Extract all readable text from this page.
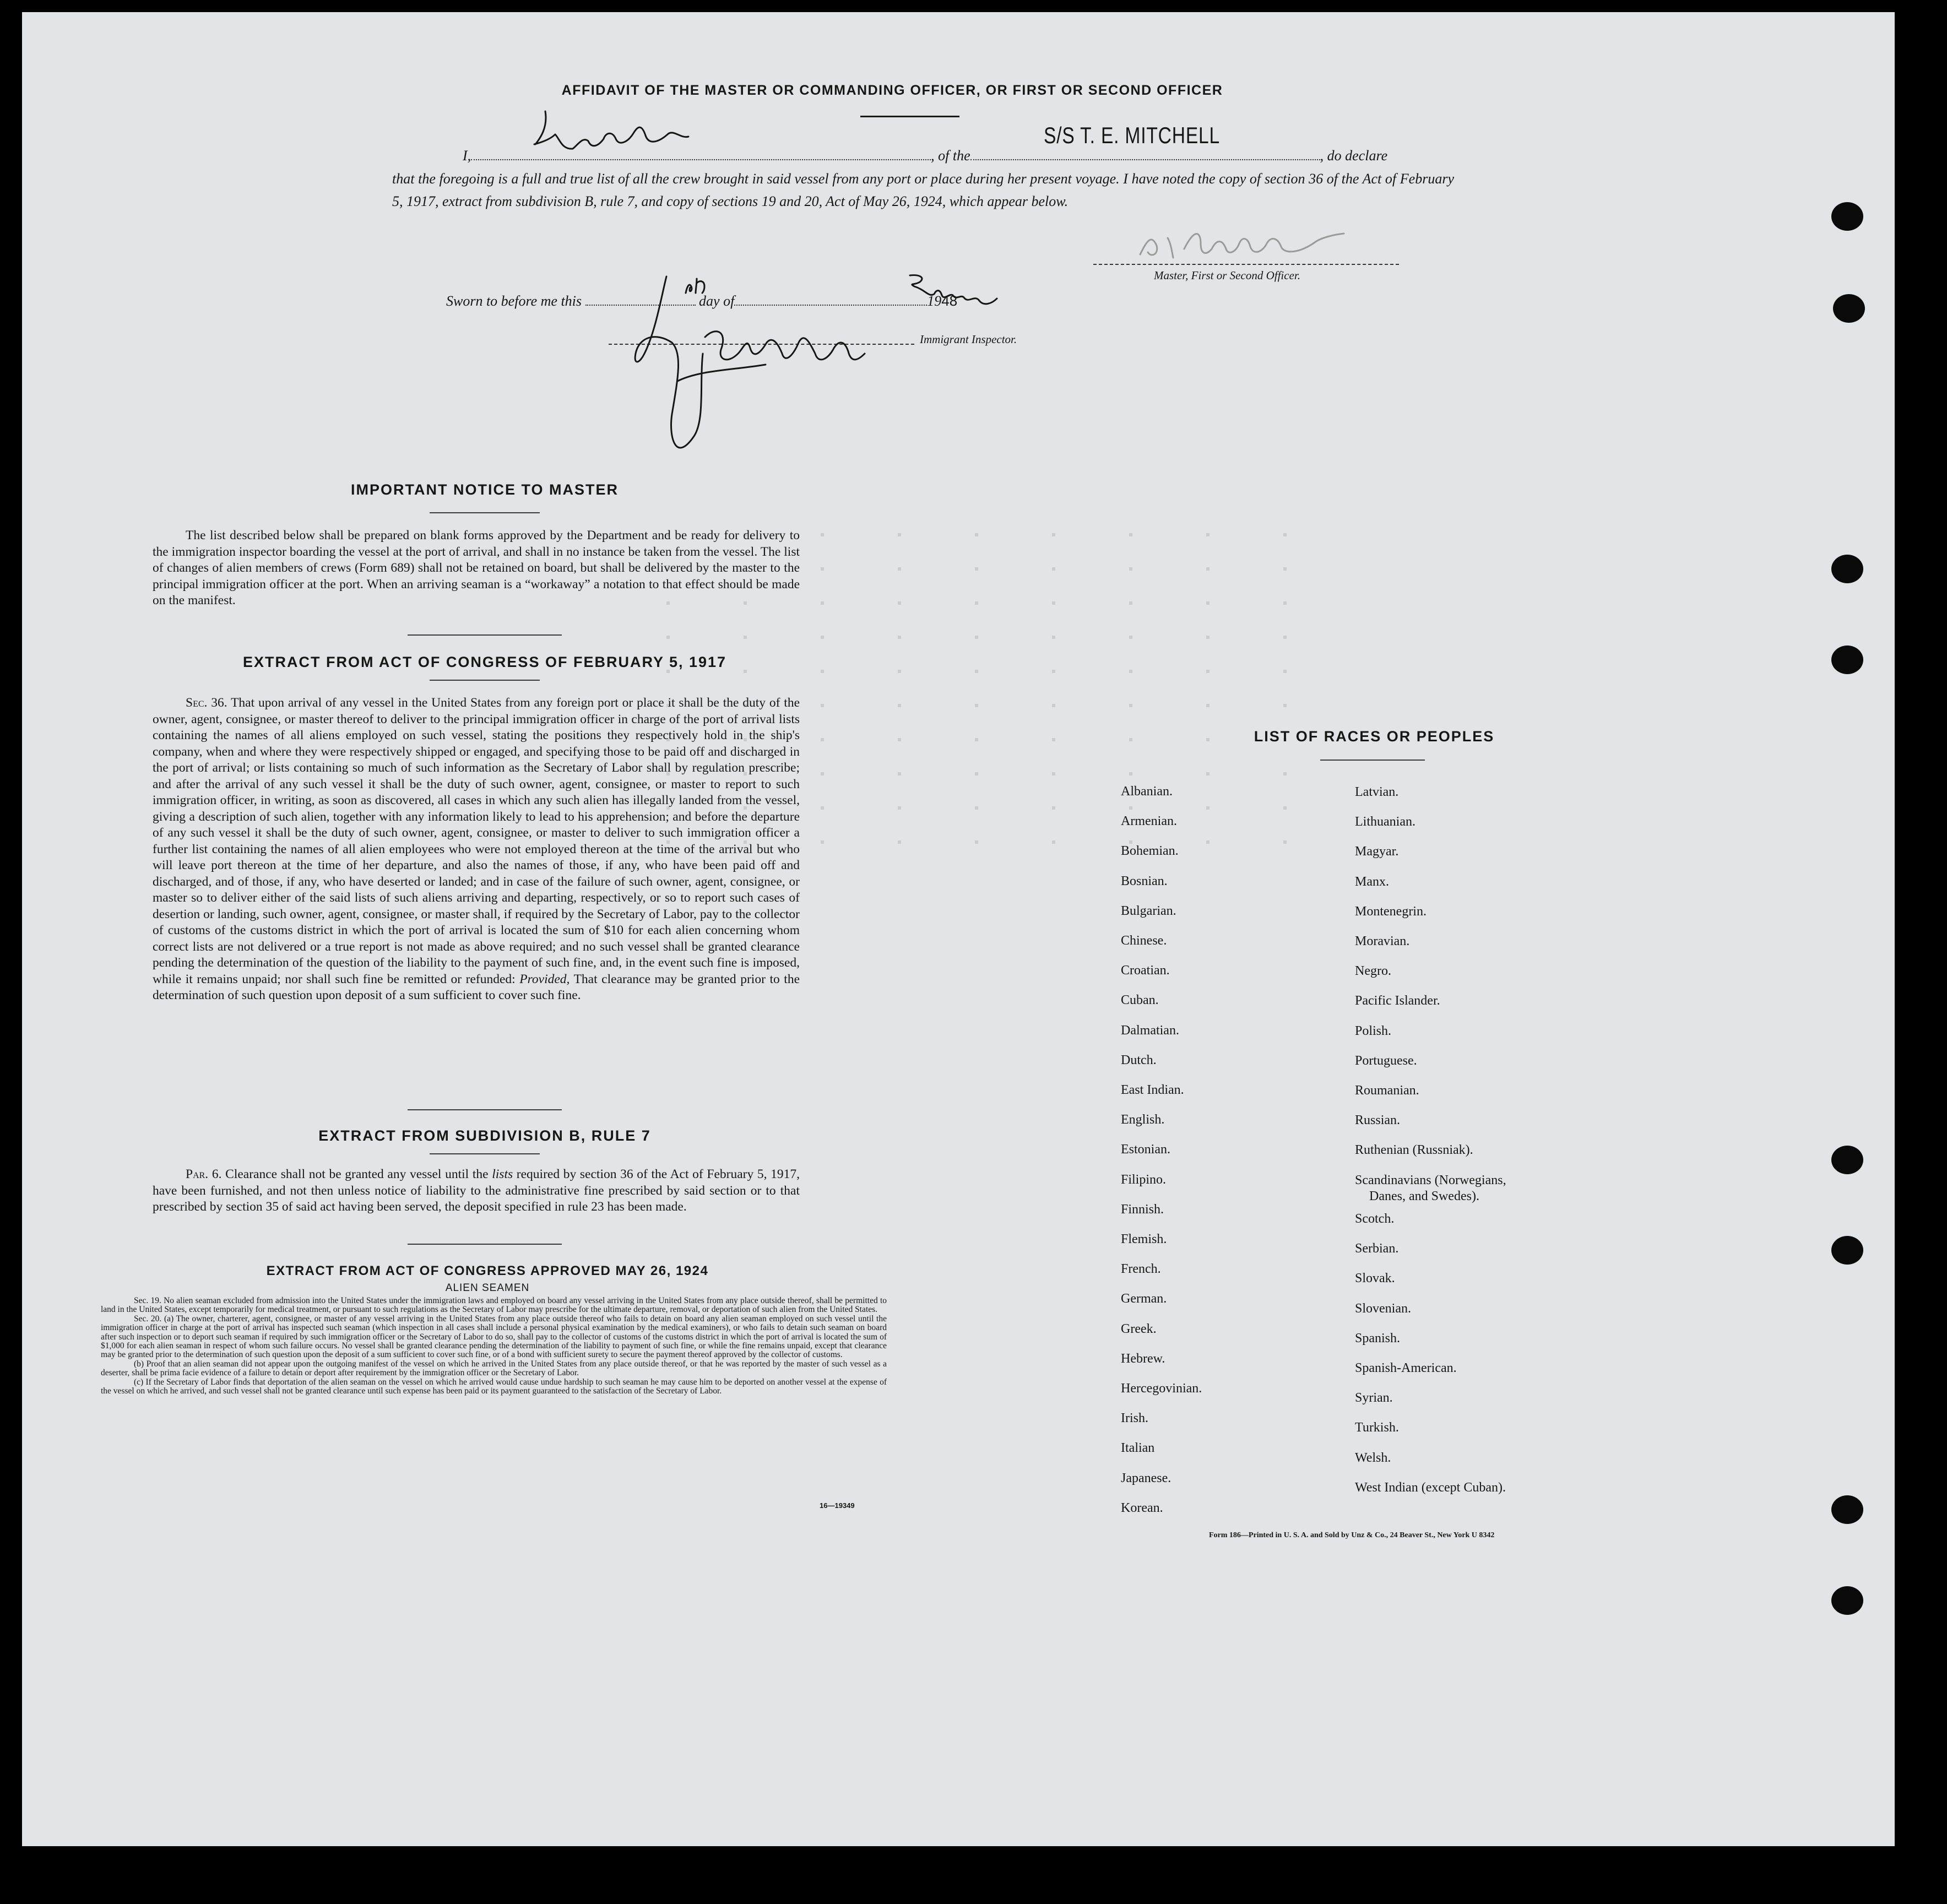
AFFIDAVIT OF THE MASTER OR COMMANDING OFFICER, OR FIRST OR SECOND OFFICER
I,	, of the	, do declare
S/S T. E. MITCHELL
that the foregoing is a full and true list of all the crew brought in said vessel from any port or place during her present voyage. I have noted the copy of section 36 of the Act of February 5, 1917, extract from subdivision B, rule 7, and copy of sections 19 and 20, Act of May 26, 1924, which appear below.
Sworn to before me this	day of	1948
Master, First or Second Officer.
Immigrant Inspector.
IMPORTANT NOTICE TO MASTER

The list described below shall be prepared on blank forms approved by the Department and be ready for delivery to the immigration inspector boarding the vessel at the port of arrival, and shall in no instance be taken from the vessel. The list of changes of alien members of crews (Form 689) shall not be retained on board, but shall be delivered by the master to the principal immigration officer at the port. When an arriving seaman is a “workaway” a notation to that effect should be made on the manifest.

EXTRACT FROM ACT OF CONGRESS OF FEBRUARY 5, 1917

Sec. 36. That upon arrival of any vessel in the United States from any foreign port or place it shall be the duty of the owner, agent, consignee, or master thereof to deliver to the principal immigration officer in charge of the port of arrival lists containing the names of all aliens employed on such vessel, stating the positions they respectively hold in the ship's company, when and where they were respectively shipped or engaged, and specifying those to be paid off and discharged in the port of arrival; or lists containing so much of such information as the Secretary of Labor shall by regulation prescribe; and after the arrival of any such vessel it shall be the duty of such owner, agent, consignee, or master to report to such immigration officer, in writing, as soon as discovered, all cases in which any such alien has illegally landed from the vessel, giving a description of such alien, together with any information likely to lead to his apprehension; and before the departure of any such vessel it shall be the duty of such owner, agent, consignee, or master to deliver to such immigration officer a further list containing the names of all alien employees who were not employed thereon at the time of the arrival but who will leave port thereon at the time of her departure, and also the names of those, if any, who have been paid off and discharged, and of those, if any, who have deserted or landed; and in case of the failure of such owner, agent, consignee, or master so to deliver either of the said lists of such aliens arriving and departing, respectively, or so to report such cases of desertion or landing, such owner, agent, consignee, or master shall, if required by the Secretary of Labor, pay to the collector of customs of the customs district in which the port of arrival is located the sum of $10 for each alien concerning whom correct lists are not delivered or a true report is not made as above required; and no such vessel shall be granted clearance pending the determination of the question of the liability to the payment of such fine, and, in the event such fine is imposed, while it remains unpaid; nor shall such fine be remitted or refunded: Provided, That clearance may be granted prior to the determination of such question upon deposit of a sum sufficient to cover such fine.

EXTRACT FROM SUBDIVISION B, RULE 7

Par. 6. Clearance shall not be granted any vessel until the lists required by section 36 of the Act of February 5, 1917, have been furnished, and not then unless notice of liability to the administrative fine prescribed by said section or to that prescribed by section 35 of said act having been served, the deposit specified in rule 23 has been made.

EXTRACT FROM ACT OF CONGRESS APPROVED MAY 26, 1924
ALIEN SEAMEN

Sec. 19. No alien seaman excluded from admission into the United States under the immigration laws and employed on board any vessel arriving in the United States from any place outside thereof, shall be permitted to land in the United States, except temporarily for medical treatment, or pursuant to such regulations as the Secretary of Labor may prescribe for the ultimate departure, removal, or deportation of such alien from the United States.

Sec. 20. (a) The owner, charterer, agent, consignee, or master of any vessel arriving in the United States from any place outside thereof who fails to detain on board any alien seaman employed on such vessel until the immigration officer in charge at the port of arrival has inspected such seaman (which inspection in all cases shall include a personal physical examination by the medical examiners), or who fails to detain such seaman on board after such inspection or to deport such seaman if required by such immigration officer or the Secretary of Labor to do so, shall pay to the collector of customs of the customs district in which the port of arrival is located the sum of $1,000 for each alien seaman in respect of whom such failure occurs. No vessel shall be granted clearance pending the determination of the liability to payment of such fine, or while the fine remains unpaid, except that clearance may be granted prior to the determination of such question upon the deposit of a sum sufficient to cover such fine, or of a bond with sufficient surety to secure the payment thereof approved by the collector of customs.

(b) Proof that an alien seaman did not appear upon the outgoing manifest of the vessel on which he arrived in the United States from any place outside thereof, or that he was reported by the master of such vessel as a deserter, shall be prima facie evidence of a failure to detain or deport after requirement by the immigration officer or the Secretary of Labor.

(c) If the Secretary of Labor finds that deportation of the alien seaman on the vessel on which he arrived would cause undue hardship to such seaman he may cause him to be deported on another vessel at the expense of the vessel on which he arrived, and such vessel shall not be granted clearance until such expense has been paid or its payment guaranteed to the satisfaction of the Secretary of Labor.

16—19349
LIST OF RACES OR PEOPLES
Albanian.
Armenian.
Bohemian.
Bosnian.
Bulgarian.
Chinese.
Croatian.
Cuban.
Dalmatian.
Dutch.
East Indian.
English.
Estonian.
Filipino.
Finnish.
Flemish.
French.
German.
Greek.
Hebrew.
Hercegovinian.
Irish.
Italian
Japanese.
Korean.
Latvian.
Lithuanian.
Magyar.
Manx.
Montenegrin.
Moravian.
Negro.
Pacific Islander.
Polish.
Portuguese.
Roumanian.
Russian.
Ruthenian (Russniak).
Scandinavians (Norwegians,
Danes, and Swedes).
Scotch.
Serbian.
Slovak.
Slovenian.
Spanish.
Spanish-American.
Syrian.
Turkish.
Welsh.
West Indian (except Cuban).
Form 186—Printed in U. S. A. and Sold by Unz & Co., 24 Beaver St., New York U 8342
